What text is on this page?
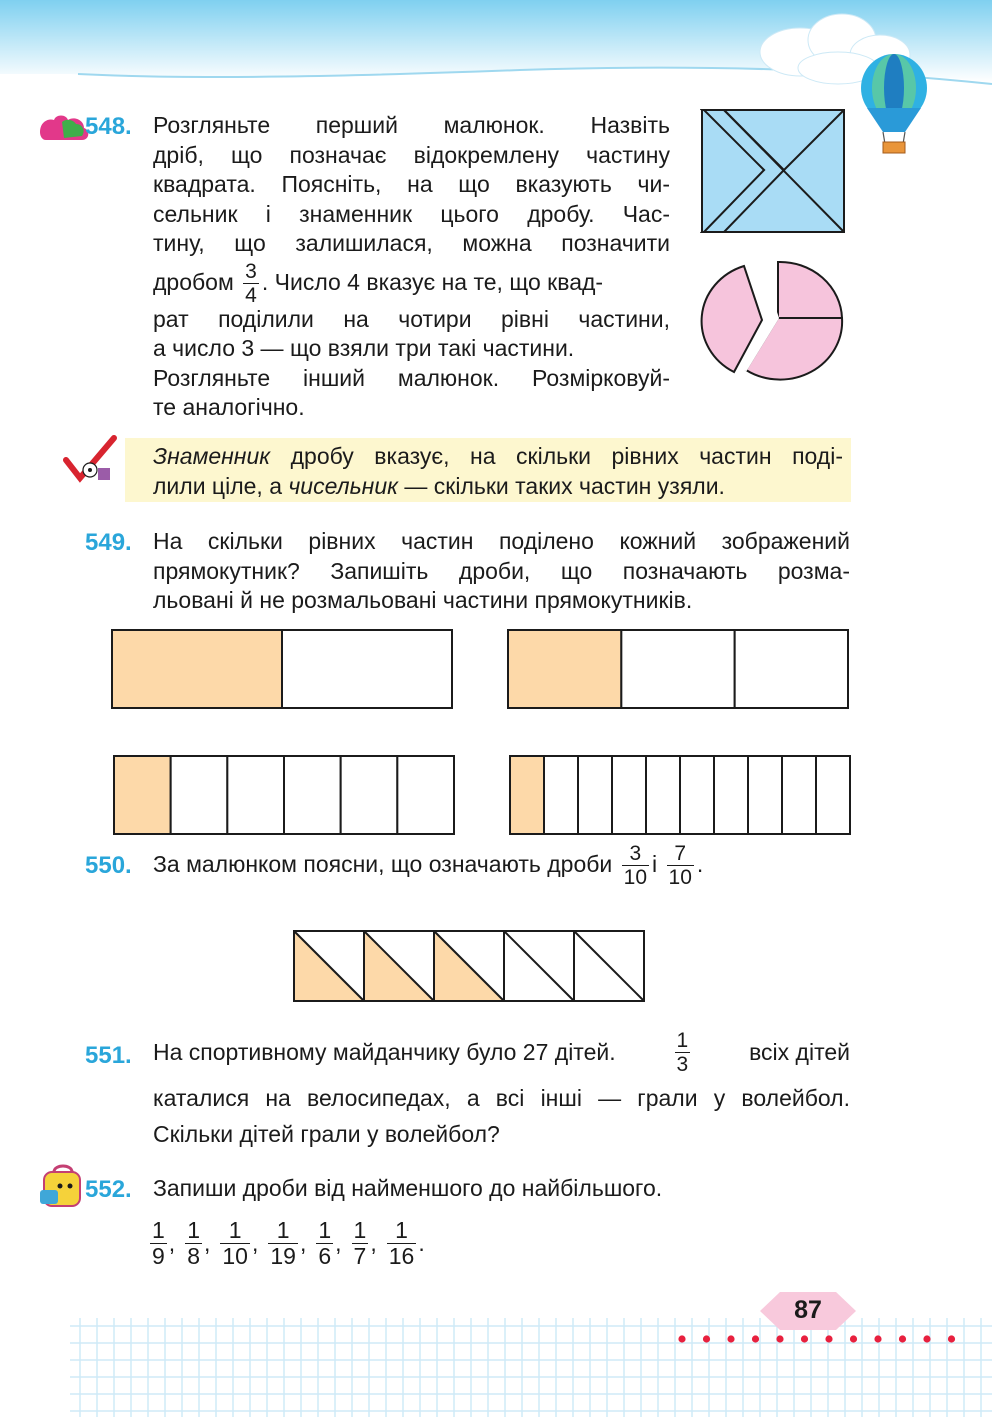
548. Розгляньте перший малюнок. Назвіть
дріб, що позначає відокремлену частину
квадрата. Поясніть, на що вказують чи-
сельник і знаменник цього дробу. Час-
тину, що залишилася, можна позначити
дробом $\frac{3}{4}$ . Число 4 вказує на те, що квад-
рат поділили на чотири рівні частини,
а число 3 — що взяли три такі частини.
Розгляньте інший малюнок. Розмірковуй-
те аналогічно.
Знаменник дробу вказує, на скільки рівних частин поді-
лили ціле, а чисельник — скільки таких частин узяли.
549. На скільки рівних частин поділено кожний зображений
прямокутник? Запишіть дроби, що позначають розма-
льовані й не розмальовані частини прямокутників.
550. За малюнком поясни, що означають дроби $\frac{3}{10}$ і $\frac{7}{10}$ .
551. На спортивному майданчику було 27 дітей.	$\frac{1}{3}$	всіх дітей
каталися на велосипедах, а всі інші — грали у волейбол.
Скільки дітей грали у волейбол?
552. Запиши дроби від найменшого до найбільшого.
$\frac{1}{9}$ , $\frac{1}{8}$ , $\frac{1}{10}$ , $\frac{1}{19}$ , $\frac{1}{6}$ , $\frac{1}{7}$ , $\frac{1}{16}$ .
87
